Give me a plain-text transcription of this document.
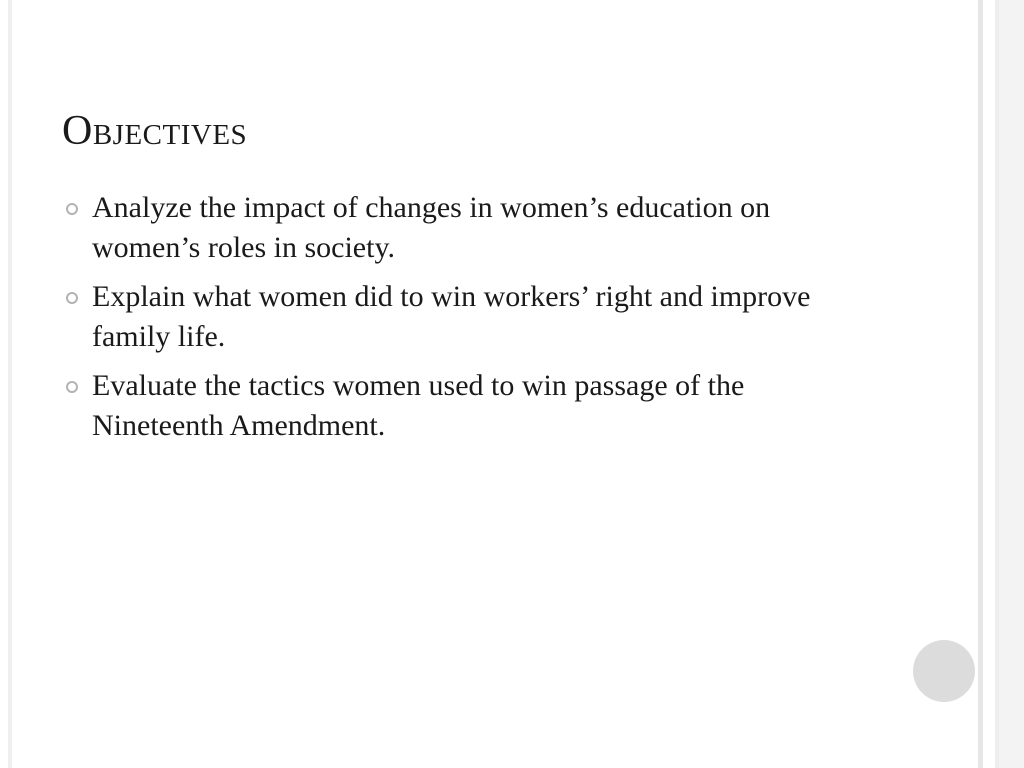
Objectives
Analyze the impact of changes in women’s education on women’s roles in society.
Explain what women did to win workers’ right and improve family life.
Evaluate the tactics women used to win passage of the Nineteenth Amendment.
